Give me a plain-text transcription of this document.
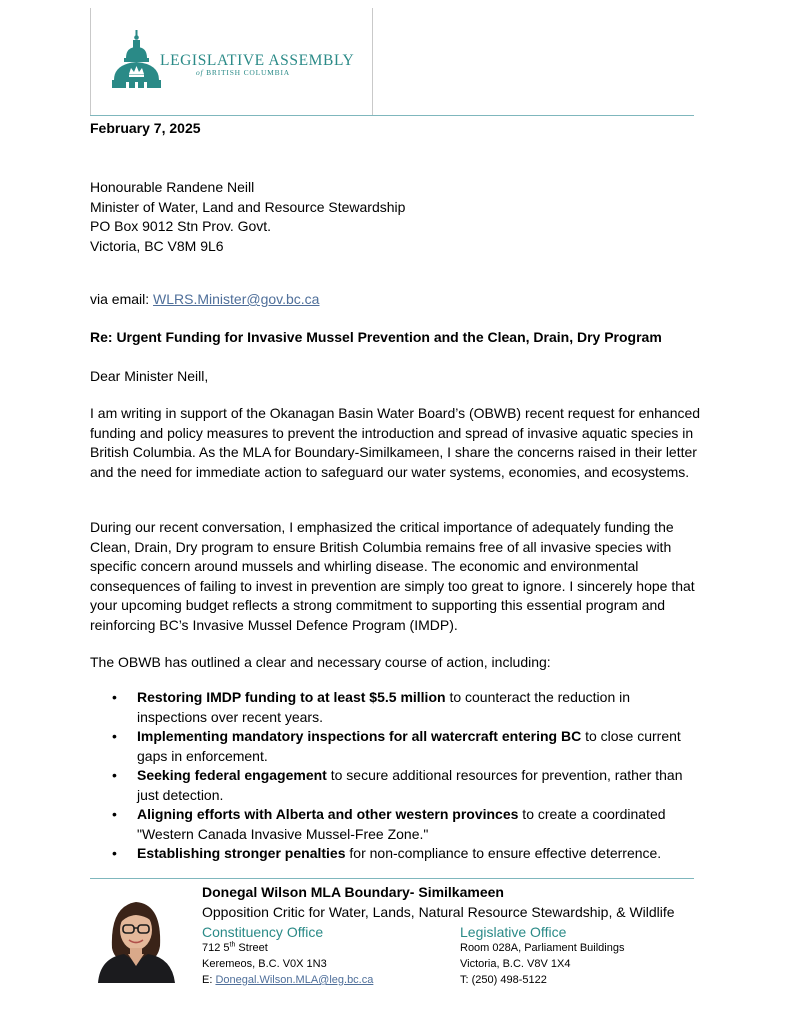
LEGISLATIVE ASSEMBLY
of BRITISH COLUMBIA
February 7, 2025
Honourable Randene Neill
Minister of Water, Land and Resource Stewardship
PO Box 9012 Stn Prov. Govt.
Victoria, BC V8M 9L6
via email: WLRS.Minister@gov.bc.ca
Re: Urgent Funding for Invasive Mussel Prevention and the Clean, Drain, Dry Program
Dear Minister Neill,
I am writing in support of the Okanagan Basin Water Board’s (OBWB) recent request for enhanced funding and policy measures to prevent the introduction and spread of invasive aquatic species in British Columbia. As the MLA for Boundary-Similkameen, I share the concerns raised in their letter and the need for immediate action to safeguard our water systems, economies, and ecosystems.
During our recent conversation, I emphasized the critical importance of adequately funding the Clean, Drain, Dry program to ensure British Columbia remains free of all invasive species with specific concern around mussels and whirling disease. The economic and environmental consequences of failing to invest in prevention are simply too great to ignore. I sincerely hope that your upcoming budget reflects a strong commitment to supporting this essential program and reinforcing BC’s Invasive Mussel Defence Program (IMDP).
The OBWB has outlined a clear and necessary course of action, including:
• Restoring IMDP funding to at least $5.5 million to counteract the reduction in inspections over recent years.
• Implementing mandatory inspections for all watercraft entering BC to close current gaps in enforcement.
• Seeking federal engagement to secure additional resources for prevention, rather than just detection.
• Aligning efforts with Alberta and other western provinces to create a coordinated "Western Canada Invasive Mussel-Free Zone."
• Establishing stronger penalties for non-compliance to ensure effective deterrence.
Donegal Wilson MLA Boundary- Similkameen
Opposition Critic for Water, Lands, Natural Resource Stewardship, & Wildlife
Constituency Office
712 5th Street
Keremeos, B.C. V0X 1N3
E: Donegal.Wilson.MLA@leg.bc.ca
Legislative Office
Room 028A, Parliament Buildings
Victoria, B.C. V8V 1X4
T: (250) 498-5122
